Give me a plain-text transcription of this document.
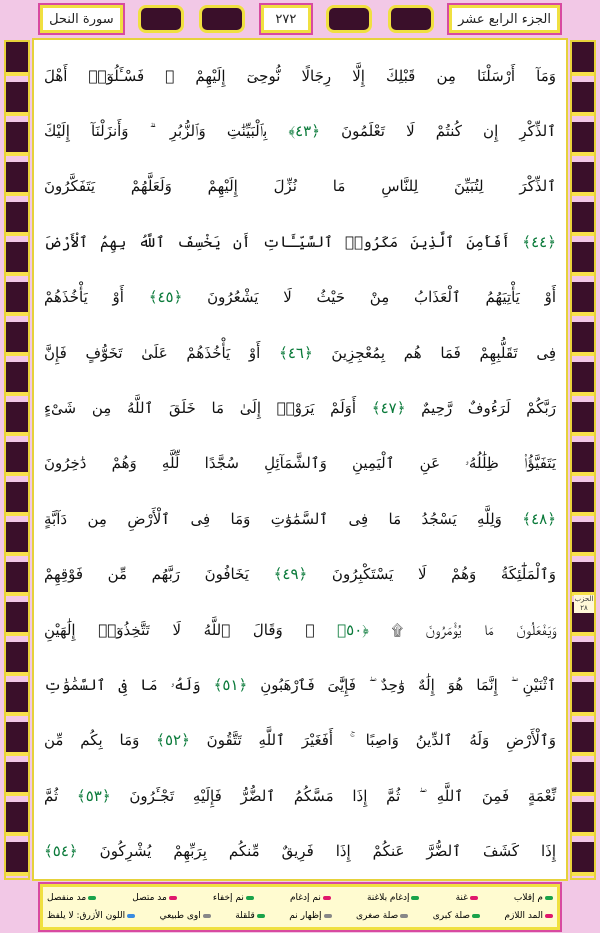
الجزء الرابع عشر
٢٧٢
سورة النحل
وَمَآ أَرْسَلْنَا مِن قَبْلِكَ إِلَّا رِجَالًا نُّوحِىٓ إِلَيْهِمْ ۚ فَسْـَٔلُوٓا۟ أَهْلَ
ٱلذِّكْرِ إِن كُنتُمْ لَا تَعْلَمُونَ ﴿٤٣﴾ بِٱلْبَيِّنَٰتِ وَٱلزُّبُرِ ۗ وَأَنزَلْنَآ إِلَيْكَ
ٱلذِّكْرَ لِتُبَيِّنَ لِلنَّاسِ مَا نُزِّلَ إِلَيْهِمْ وَلَعَلَّهُمْ يَتَفَكَّرُونَ
﴿٤٤﴾ أَفَأَمِنَ ٱلَّذِينَ مَكَرُوا۟ ٱلسَّيِّـَٔاتِ أَن يَخْسِفَ ٱللَّهُ بِهِمُ ٱلْأَرْضَ
أَوْ يَأْتِيَهُمُ ٱلْعَذَابُ مِنْ حَيْثُ لَا يَشْعُرُونَ ﴿٤٥﴾ أَوْ يَأْخُذَهُمْ
فِى تَقَلُّبِهِمْ فَمَا هُم بِمُعْجِزِينَ ﴿٤٦﴾ أَوْ يَأْخُذَهُمْ عَلَىٰ تَخَوُّفٍ فَإِنَّ
رَبَّكُمْ لَرَءُوفٌ رَّحِيمٌ ﴿٤٧﴾ أَوَلَمْ يَرَوْا۟ إِلَىٰ مَا خَلَقَ ٱللَّهُ مِن شَىْءٍ
يَتَفَيَّؤُا۟ ظِلَٰلُهُۥ عَنِ ٱلْيَمِينِ وَٱلشَّمَآئِلِ سُجَّدًا لِّلَّهِ وَهُمْ دَٰخِرُونَ
﴿٤٨﴾ وَلِلَّهِ يَسْجُدُ مَا فِى ٱلسَّمَٰوَٰتِ وَمَا فِى ٱلْأَرْضِ مِن دَآبَّةٍ
وَٱلْمَلَٰٓئِكَةُ وَهُمْ لَا يَسْتَكْبِرُونَ ﴿٤٩﴾ يَخَافُونَ رَبَّهُم مِّن فَوْقِهِمْ
وَيَفْعَلُونَ مَا يُؤْمَرُونَ ۩ ﴿٥٠﴾ ۞ وَقَالَ ٱللَّهُ لَا تَتَّخِذُوٓا۟ إِلَٰهَيْنِ
ٱثْنَيْنِ ۖ إِنَّمَا هُوَ إِلَٰهٌ وَٰحِدٌ ۖ فَإِيَّٰىَ فَٱرْهَبُونِ ﴿٥١﴾ وَلَهُۥ مَا فِى ٱلسَّمَٰوَٰتِ
وَٱلْأَرْضِ وَلَهُ ٱلدِّينُ وَاصِبًا ۚ أَفَغَيْرَ ٱللَّهِ تَتَّقُونَ ﴿٥٢﴾ وَمَا بِكُم مِّن
نِّعْمَةٍ فَمِنَ ٱللَّهِ ۖ ثُمَّ إِذَا مَسَّكُمُ ٱلضُّرُّ فَإِلَيْهِ تَجْـَٔرُونَ ﴿٥٣﴾ ثُمَّ
إِذَا كَشَفَ ٱلضُّرَّ عَنكُمْ إِذَا فَرِيقٌ مِّنكُم بِرَبِّهِمْ يُشْرِكُونَ ﴿٥٤﴾
الحزب ٢٨
م إقلاب
غنة
إدغام بلاغنة
نم إدغام
نم إخفاء
مد متصل
مد منفصل
المد اللازم
صلة كبرى
صلة صغرى
إظهار نم
قلقلة
اوى طبيعي
اللون الأزرق: لا يلفظ
